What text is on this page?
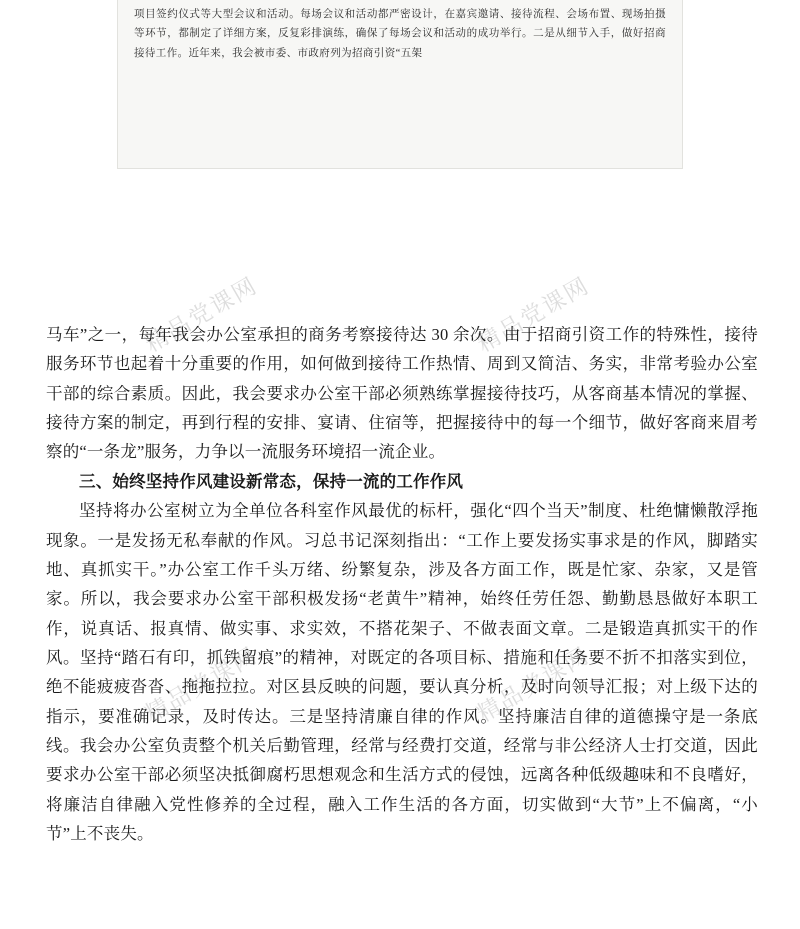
项目签约仪式等大型会议和活动。每场会议和活动都严密设计，在嘉宾邀请、接待流程、会场布置、现场拍摄等环节，都制定了详细方案，反复彩排演练，确保了每场会议和活动的成功举行。二是从细节入手，做好招商接待工作。近年来，我会被市委、市政府列为招商引资“五架
精品党课网	精品党课网
精品党课网
精品党课网

马车”之一，每年我会办公室承担的商务考察接待达 30 余次。由于招商引资工作的特殊性，接待服务环节也起着十分重要的作用，如何做到接待工作热情、周到又简洁、务实，非常考验办公室干部的综合素质。因此，我会要求办公室干部必须熟练掌握接待技巧，从客商基本情况的掌握、接待方案的制定，再到行程的安排、宴请、住宿等，把握接待中的每一个细节，做好客商来眉考察的“一条龙”服务，力争以一流服务环境招一流企业。

三、始终坚持作风建设新常态，保持一流的工作作风

坚持将办公室树立为全单位各科室作风最优的标杆，强化“四个当天”制度、杜绝慵懒散浮拖现象。一是发扬无私奉献的作风。习总书记深刻指出：“工作上要发扬实事求是的作风，脚踏实地、真抓实干。”办公室工作千头万绪、纷繁复杂，涉及各方面工作，既是忙家、杂家，又是管家。所以，我会要求办公室干部积极发扬“老黄牛”精神，始终任劳任怨、勤勤恳恳做好本职工作，说真话、报真情、做实事、求实效，不搭花架子、不做表面文章。二是锻造真抓实干的作风。坚持“踏石有印，抓铁留痕”的精神，对既定的各项目标、措施和任务要不折不扣落实到位，绝不能疲疲沓沓、拖拖拉拉。对区县反映的问题，要认真分析，及时向领导汇报；对上级下达的指示，要准确记录，及时传达。三是坚持清廉自律的作风。坚持廉洁自律的道德操守是一条底线。我会办公室负责整个机关后勤管理，经常与经费打交道，经常与非公经济人士打交道，因此要求办公室干部必须坚决抵御腐朽思想观念和生活方式的侵蚀，远离各种低级趣味和不良嗜好，将廉洁自律融入党性修养的全过程，融入工作生活的各方面，切实做到“大节”上不偏离，“小节”上不丧失。
